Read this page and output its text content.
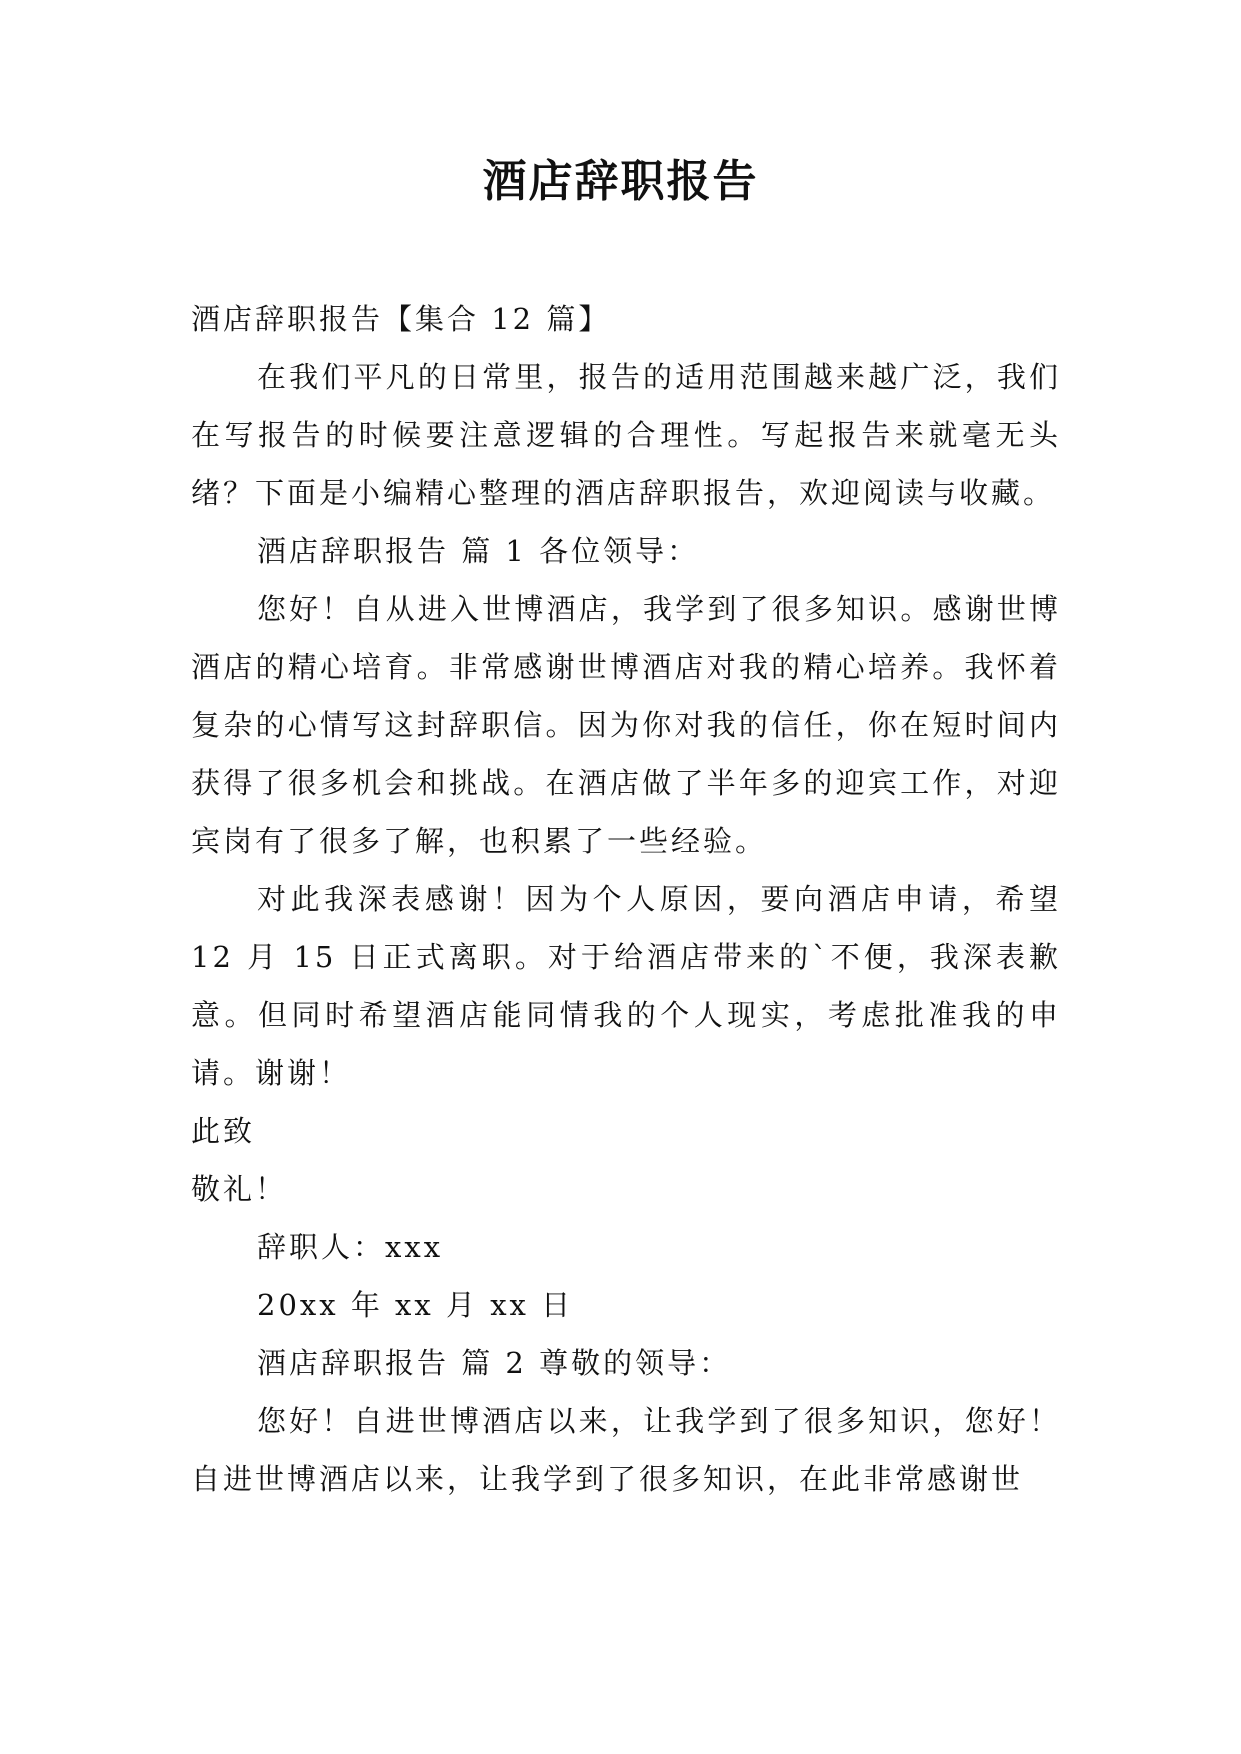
酒店辞职报告

酒店辞职报告【集合 12 篇】

在我们平凡的日常里，报告的适用范围越来越广泛，我们在写报告的时候要注意逻辑的合理性。写起报告来就毫无头绪？下面是小编精心整理的酒店辞职报告，欢迎阅读与收藏。

酒店辞职报告 篇 1 各位领导：

您好！自从进入世博酒店，我学到了很多知识。感谢世博酒店的精心培育。非常感谢世博酒店对我的精心培养。我怀着复杂的心情写这封辞职信。因为你对我的信任，你在短时间内获得了很多机会和挑战。在酒店做了半年多的迎宾工作，对迎宾岗有了很多了解，也积累了一些经验。

对此我深表感谢！因为个人原因，要向酒店申请，希望 12 月 15 日正式离职。对于给酒店带来的`不便，我深表歉意。但同时希望酒店能同情我的个人现实，考虑批准我的申请。谢谢！

此致

敬礼！

辞职人：xxx

20xx 年 xx 月 xx 日

酒店辞职报告 篇 2 尊敬的领导：

您好！自进世博酒店以来，让我学到了很多知识，您好！自进世博酒店以来，让我学到了很多知识，在此非常感谢世
